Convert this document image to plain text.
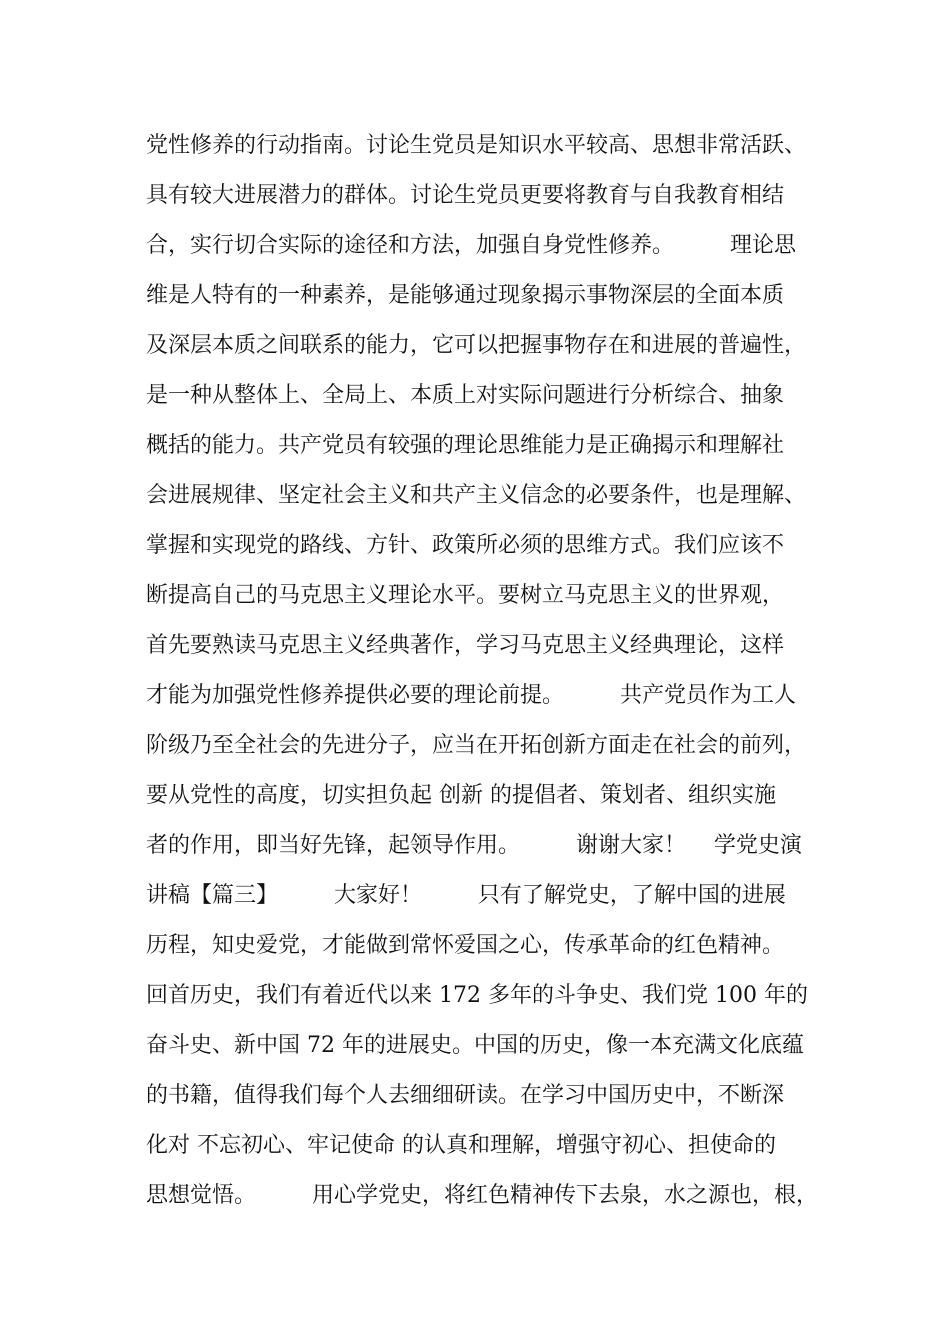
党性修养的行动指南。讨论生党员是知识水平较高、思想非常活跃、
具有较大进展潜力的群体。讨论生党员更要将教育与自我教育相结
合，实行切合实际的途径和方法，加强自身党性修养。        理论思
维是人特有的一种素养，是能够通过现象揭示事物深层的全面本质
及深层本质之间联系的能力，它可以把握事物存在和进展的普遍性，
是一种从整体上、全局上、本质上对实际问题进行分析综合、抽象
概括的能力。共产党员有较强的理论思维能力是正确揭示和理解社
会进展规律、坚定社会主义和共产主义信念的必要条件，也是理解、
掌握和实现党的路线、方针、政策所必须的思维方式。我们应该不
断提高自己的马克思主义理论水平。要树立马克思主义的世界观，
首先要熟读马克思主义经典著作，学习马克思主义经典理论，这样
才能为加强党性修养提供必要的理论前提。        共产党员作为工人
阶级乃至全社会的先进分子，应当在开拓创新方面走在社会的前列，
要从党性的高度，切实担负起 创新 的提倡者、策划者、组织实施
者的作用，即当好先锋，起领导作用。        谢谢大家！    学党史演
讲稿【篇三】        大家好！        只有了解党史，了解中国的进展
历程，知史爱党，才能做到常怀爱国之心，传承革命的红色精神。
回首历史，我们有着近代以来 172 多年的斗争史、我们党 100 年的
奋斗史、新中国 72 年的进展史。中国的历史，像一本充满文化底蕴
的书籍，值得我们每个人去细细研读。在学习中国历史中，不断深
化对 不忘初心、牢记使命 的认真和理解，增强守初心、担使命的
思想觉悟。        用心学党史，将红色精神传下去泉，水之源也，根，
